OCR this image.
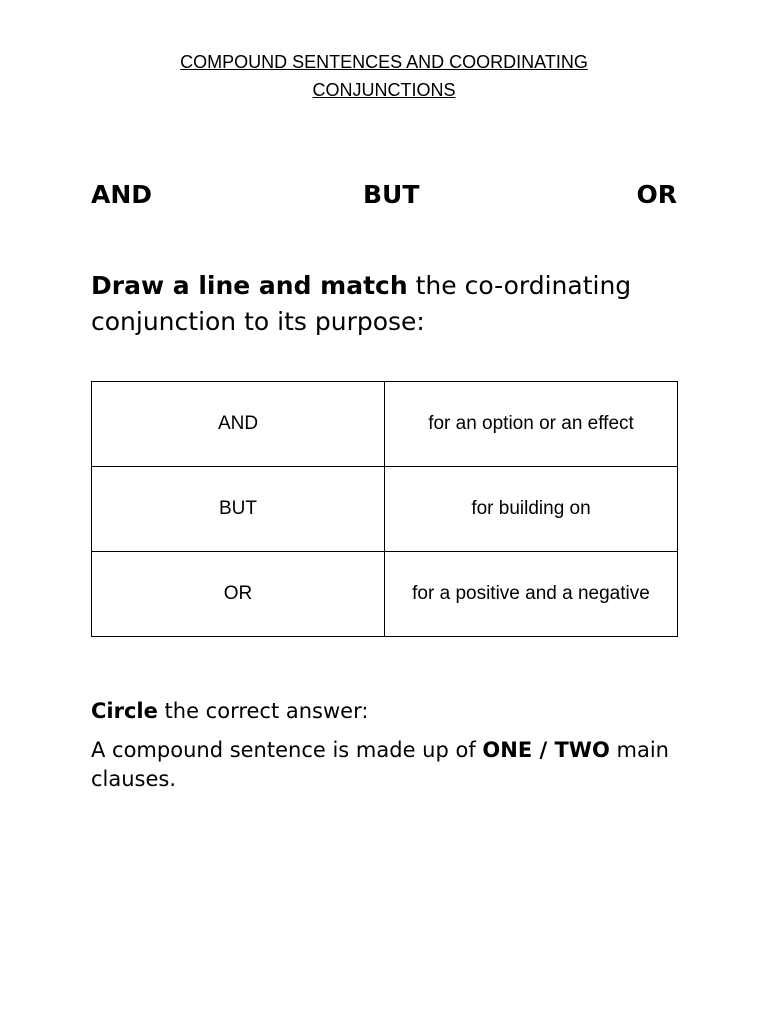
COMPOUND SENTENCES AND COORDINATING
CONJUNCTIONS
AND	BUT	OR
Draw a line and match the co-ordinating conjunction to its purpose:
AND	for an option or an effect
BUT	for building on
OR	for a positive and a negative
Circle the correct answer:
A compound sentence is made up of ONE / TWO main clauses.
